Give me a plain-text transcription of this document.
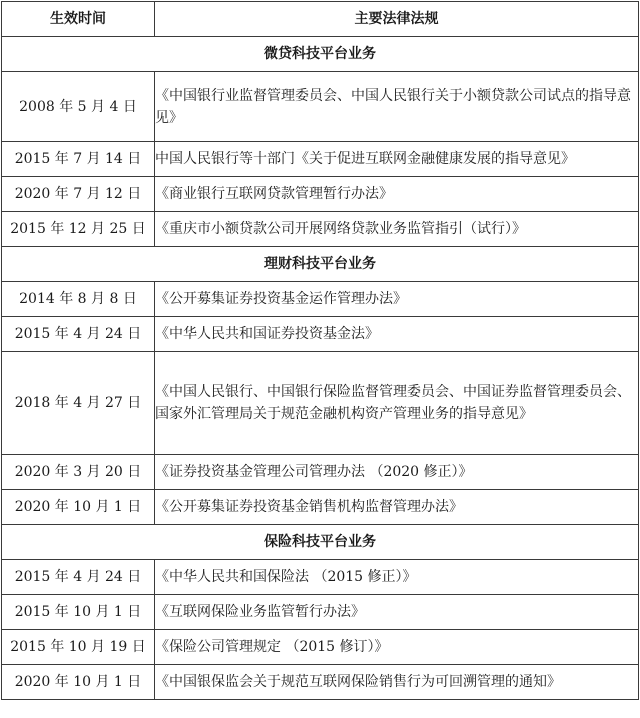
生效时间	主要法律法规
微贷科技平台业务	
2008 年 5 月 4 日	《中国银行业监督管理委员会、中国人民银行关于小额贷款公司试点的指导意见》
2015 年 7 月 14 日	中国人民银行等十部门《关于促进互联网金融健康发展的指导意见》
2020 年 7 月 12 日	《商业银行互联网贷款管理暂行办法》
2015 年 12 月 25 日	《重庆市小额贷款公司开展网络贷款业务监管指引（试行）》
理财科技平台业务	
2014 年 8 月 8 日	《公开募集证券投资基金运作管理办法》
2015 年 4 月 24 日	《中华人民共和国证券投资基金法》
2018 年 4 月 27 日	《中国人民银行、中国银行保险监督管理委员会、中国证券监督管理委员会、国家外汇管理局关于规范金融机构资产管理业务的指导意见》
2020 年 3 月 20 日	《证券投资基金管理公司管理办法 （2020 修正）》
2020 年 10 月 1 日	《公开募集证券投资基金销售机构监督管理办法》
保险科技平台业务	
2015 年 4 月 24 日	《中华人民共和国保险法 （2015 修正）》
2015 年 10 月 1 日	《互联网保险业务监管暂行办法》
2015 年 10 月 19 日	《保险公司管理规定 （2015 修订）》
2020 年 10 月 1 日	《中国银保监会关于规范互联网保险销售行为可回溯管理的通知》
